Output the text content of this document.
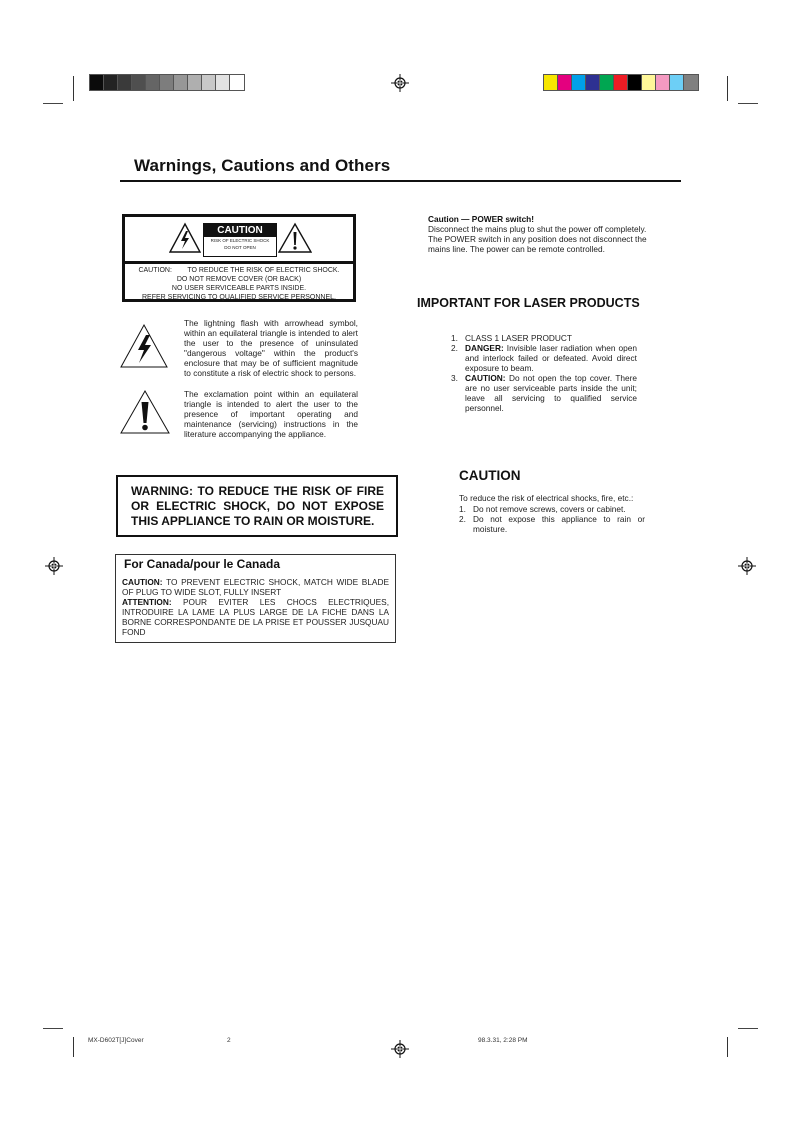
Warnings, Cautions and Others
CAUTION
RISK OF ELECTRIC SHOCK
DO NOT OPEN
CAUTION:        TO REDUCE THE RISK OF ELECTRIC SHOCK.
DO NOT REMOVE COVER (OR BACK)
NO USER SERVICEABLE PARTS INSIDE.
REFER SERVICING TO QUALIFIED SERVICE PERSONNEL.
The lightning flash with arrowhead symbol, within an equilateral triangle is intended to alert the user to the presence of uninsulated "dangerous voltage" within the product's enclosure that may be of sufficient magnitude to constitute a risk of electric shock to persons.
The exclamation point within an equilateral triangle is intended to alert the user to the presence of important operating and maintenance (servicing) instructions in the literature accompanying the appliance.
WARNING: TO REDUCE THE RISK OF FIRE OR ELECTRIC SHOCK, DO NOT EXPOSE THIS APPLIANCE TO RAIN OR MOISTURE.
For Canada/pour le Canada
CAUTION: TO PREVENT ELECTRIC SHOCK, MATCH WIDE BLADE OF PLUG TO WIDE SLOT, FULLY INSERT
ATTENTION: POUR EVITER LES CHOCS ELECTRIQUES, INTRODUIRE LA LAME LA PLUS LARGE DE LA FICHE DANS LA BORNE CORRESPONDANTE DE LA PRISE ET POUSSER JUSQUAU FOND
Caution — POWER switch!
Disconnect the mains plug to shut the power off completely. The POWER switch in any position does not disconnect the mains line. The power can be remote controlled.
IMPORTANT FOR LASER PRODUCTS
1. CLASS 1 LASER PRODUCT
2. DANGER: Invisible laser radiation when open and interlock failed or defeated. Avoid direct exposure to beam.
3. CAUTION: Do not open the top cover. There are no user serviceable parts inside the unit; leave all servicing to qualified service personnel.
CAUTION
To reduce the risk of electrical shocks, fire, etc.:
1. Do not remove screws, covers or cabinet.
2. Do not expose this appliance to rain or moisture.
MX-D602T[J]Cover	2	98.3.31, 2:28 PM
